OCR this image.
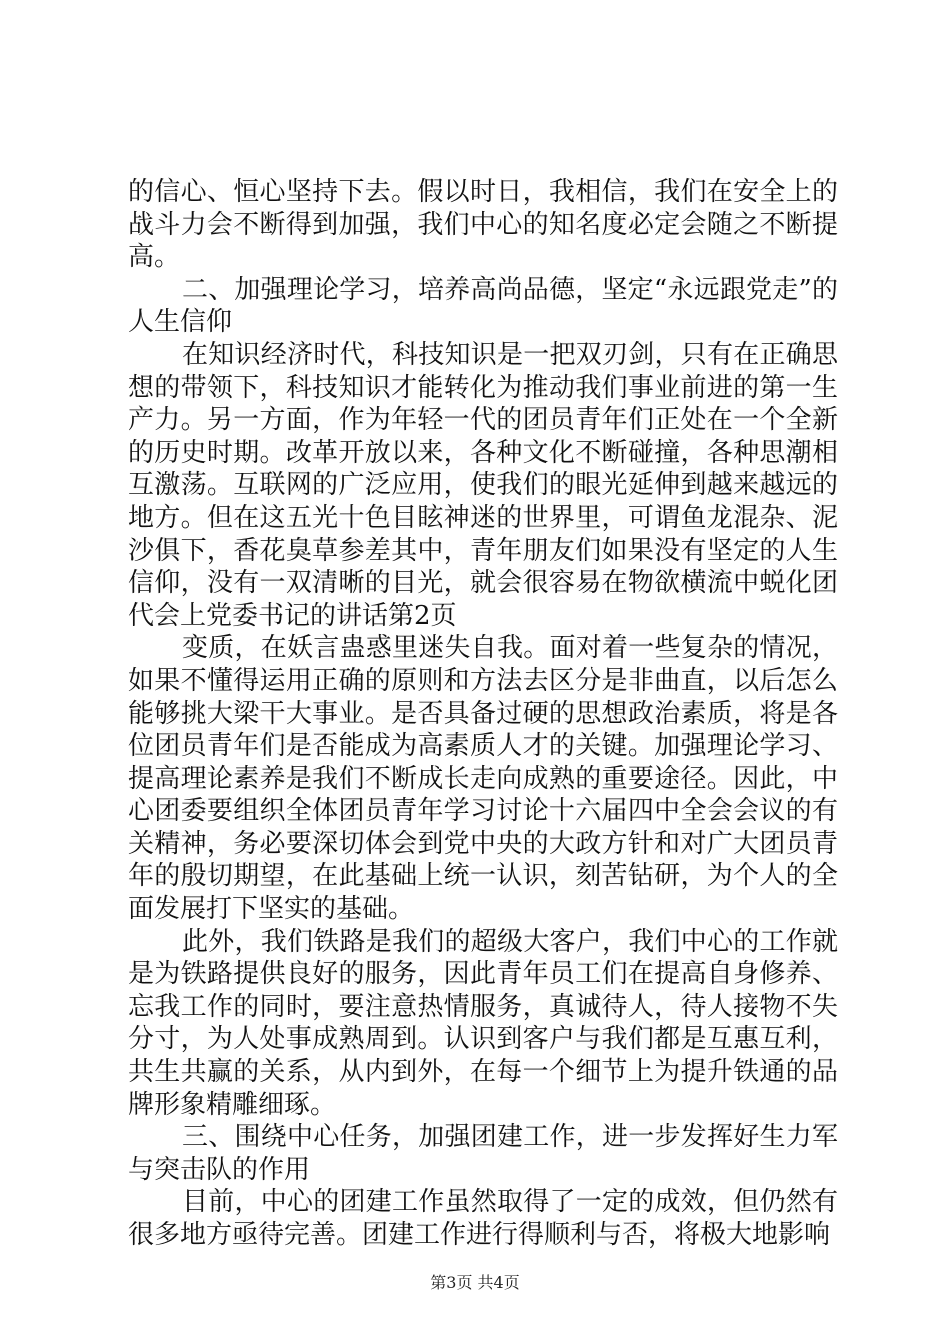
的信心、恒心坚持下去。假以时日，我相信，我们在安全上的战斗力会不断得到加强，我们中心的知名度必定会随之不断提高。

二、加强理论学习，培养高尚品德，坚定“永远跟党走”的人生信仰

在知识经济时代，科技知识是一把双刃剑，只有在正确思想的带领下，科技知识才能转化为推动我们事业前进的第一生产力。另一方面，作为年轻一代的团员青年们正处在一个全新的历史时期。改革开放以来，各种文化不断碰撞，各种思潮相互激荡。互联网的广泛应用，使我们的眼光延伸到越来越远的地方。但在这五光十色目眩神迷的世界里，可谓鱼龙混杂、泥沙俱下，香花臭草参差其中，青年朋友们如果没有坚定的人生信仰，没有一双清晰的目光，就会很容易在物欲横流中蜕化团代会上党委书记的讲话第2页

变质，在妖言蛊惑里迷失自我。面对着一些复杂的情况，如果不懂得运用正确的原则和方法去区分是非曲直，以后怎么能够挑大梁干大事业。是否具备过硬的思想政治素质，将是各位团员青年们是否能成为高素质人才的关键。加强理论学习、提高理论素养是我们不断成长走向成熟的重要途径。因此，中心团委要组织全体团员青年学习讨论十六届四中全会会议的有关精神，务必要深切体会到党中央的大政方针和对广大团员青年的殷切期望，在此基础上统一认识，刻苦钻研，为个人的全面发展打下坚实的基础。

此外，我们铁路是我们的超级大客户，我们中心的工作就是为铁路提供良好的服务，因此青年员工们在提高自身修养、忘我工作的同时，要注意热情服务，真诚待人，待人接物不失分寸，为人处事成熟周到。认识到客户与我们都是互惠互利，共生共赢的关系，从内到外，在每一个细节上为提升铁通的品牌形象精雕细琢。

三、围绕中心任务，加强团建工作，进一步发挥好生力军与突击队的作用

目前，中心的团建工作虽然取得了一定的成效，但仍然有很多地方亟待完善。团建工作进行得顺利与否，将极大地影响

第3页 共4页
